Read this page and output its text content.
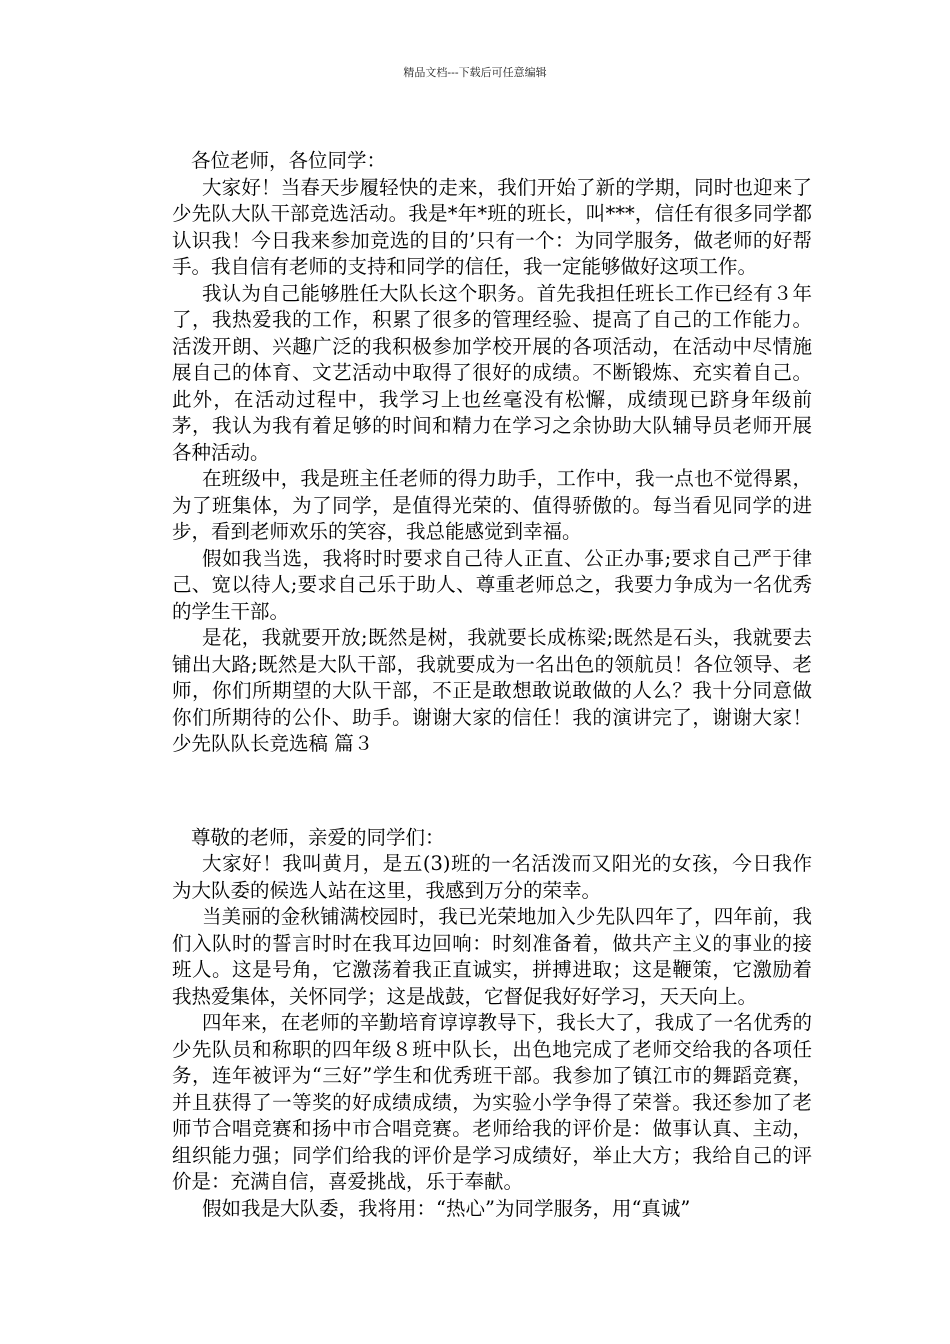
精品文档---下载后可任意编辑

各位老师，各位同学：

大家好！当春天步履轻快的走来，我们开始了新的学期，同时也迎来了少先队大队干部竞选活动。我是*年*班的班长，叫***，信任有很多同学都认识我！今日我来参加竞选的目的’只有一个：为同学服务，做老师的好帮手。我自信有老师的支持和同学的信任，我一定能够做好这项工作。

我认为自己能够胜任大队长这个职务。首先我担任班长工作已经有３年了，我热爱我的工作，积累了很多的管理经验、提高了自己的工作能力。活泼开朗、兴趣广泛的我积极参加学校开展的各项活动，在活动中尽情施展自己的体育、文艺活动中取得了很好的成绩。不断锻炼、充实着自己。此外，在活动过程中，我学习上也丝毫没有松懈，成绩现已跻身年级前茅，我认为我有着足够的时间和精力在学习之余协助大队辅导员老师开展各种活动。

在班级中，我是班主任老师的得力助手，工作中，我一点也不觉得累，为了班集体，为了同学，是值得光荣的、值得骄傲的。每当看见同学的进步，看到老师欢乐的笑容，我总能感觉到幸福。

假如我当选，我将时时要求自己待人正直、公正办事;要求自己严于律己、宽以待人;要求自己乐于助人、尊重老师总之，我要力争成为一名优秀的学生干部。

是花，我就要开放;既然是树，我就要长成栋梁;既然是石头，我就要去铺出大路;既然是大队干部，我就要成为一名出色的领航员！各位领导、老师，你们所期望的大队干部，不正是敢想敢说敢做的人么？我十分同意做你们所期待的公仆、助手。谢谢大家的信任！我的演讲完了，谢谢大家！少先队队长竞选稿 篇３

尊敬的老师，亲爱的同学们：

大家好！我叫黄月，是五(3)班的一名活泼而又阳光的女孩，今日我作为大队委的候选人站在这里，我感到万分的荣幸。

当美丽的金秋铺满校园时，我已光荣地加入少先队四年了，四年前，我们入队时的誓言时时在我耳边回响：时刻准备着，做共产主义的事业的接班人。这是号角，它激荡着我正直诚实，拼搏进取；这是鞭策，它激励着我热爱集体，关怀同学；这是战鼓，它督促我好好学习，天天向上。

四年来，在老师的辛勤培育谆谆教导下，我长大了，我成了一名优秀的少先队员和称职的四年级８班中队长，出色地完成了老师交给我的各项任务，连年被评为“三好”学生和优秀班干部。我参加了镇江市的舞蹈竞赛，并且获得了一等奖的好成绩成绩，为实验小学争得了荣誉。我还参加了老师节合唱竞赛和扬中市合唱竞赛。老师给我的评价是：做事认真、主动，组织能力强；同学们给我的评价是学习成绩好，举止大方；我给自己的评价是：充满自信，喜爱挑战，乐于奉献。

假如我是大队委，我将用：“热心”为同学服务，用“真诚”
